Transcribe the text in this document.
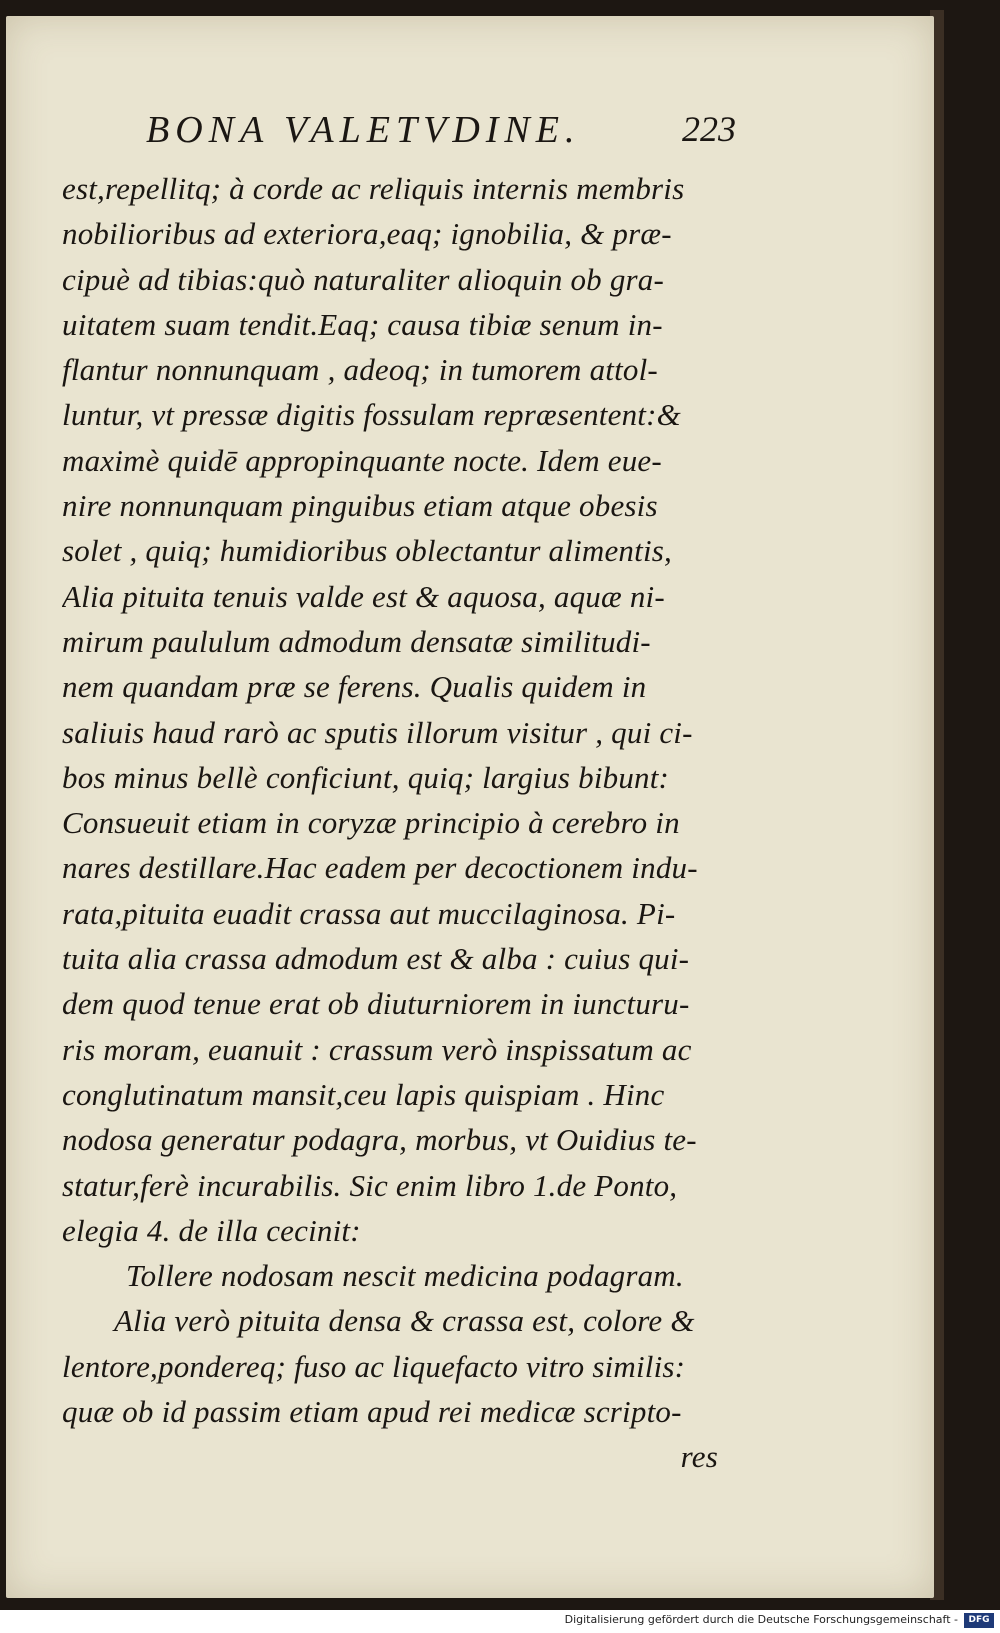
BONA VALETVDINE.	223
est,repellitq; à corde ac reliquis internis membris
nobilioribus ad exteriora,eaq; ignobilia, & præ-
cipuè ad tibias:quò naturaliter alioquin ob gra-
uitatem suam tendit.Eaq; causa tibiæ senum in-
flantur nonnunquam , adeoq; in tumorem attol-
luntur, vt pressæ digitis fossulam repræsentent:&
maximè quidē appropinquante nocte. Idem eue-
nire nonnunquam pinguibus etiam atque obesis
solet , quiq; humidioribus oblectantur alimentis,
Alia pituita tenuis valde est & aquosa, aquæ ni-
mirum paululum admodum densatæ similitudi-
nem quandam præ se ferens. Qualis quidem in
saliuis haud rarò ac sputis illorum visitur , qui ci-
bos minus bellè conficiunt, quiq; largius bibunt:
Consueuit etiam in coryzæ principio à cerebro in
nares destillare.Hac eadem per decoctionem indu-
rata,pituita euadit crassa aut muccilaginosa. Pi-
tuita alia crassa admodum est & alba : cuius qui-
dem quod tenue erat ob diuturniorem in iuncturu-
ris moram, euanuit : crassum verò inspissatum ac
conglutinatum mansit,ceu lapis quispiam . Hinc
nodosa generatur podagra, morbus, vt Ouidius te-
statur,ferè incurabilis. Sic enim libro 1.de Ponto,
elegia 4. de illa cecinit:
Tollere nodosam nescit medicina podagram.
Alia verò pituita densa & crassa est, colore &
lentore,pondereq; fuso ac liquefacto vitro similis:
quæ ob id passim etiam apud rei medicæ scripto-
res
Digitalisierung gefördert durch die Deutsche Forschungsgemeinschaft -	DFG
